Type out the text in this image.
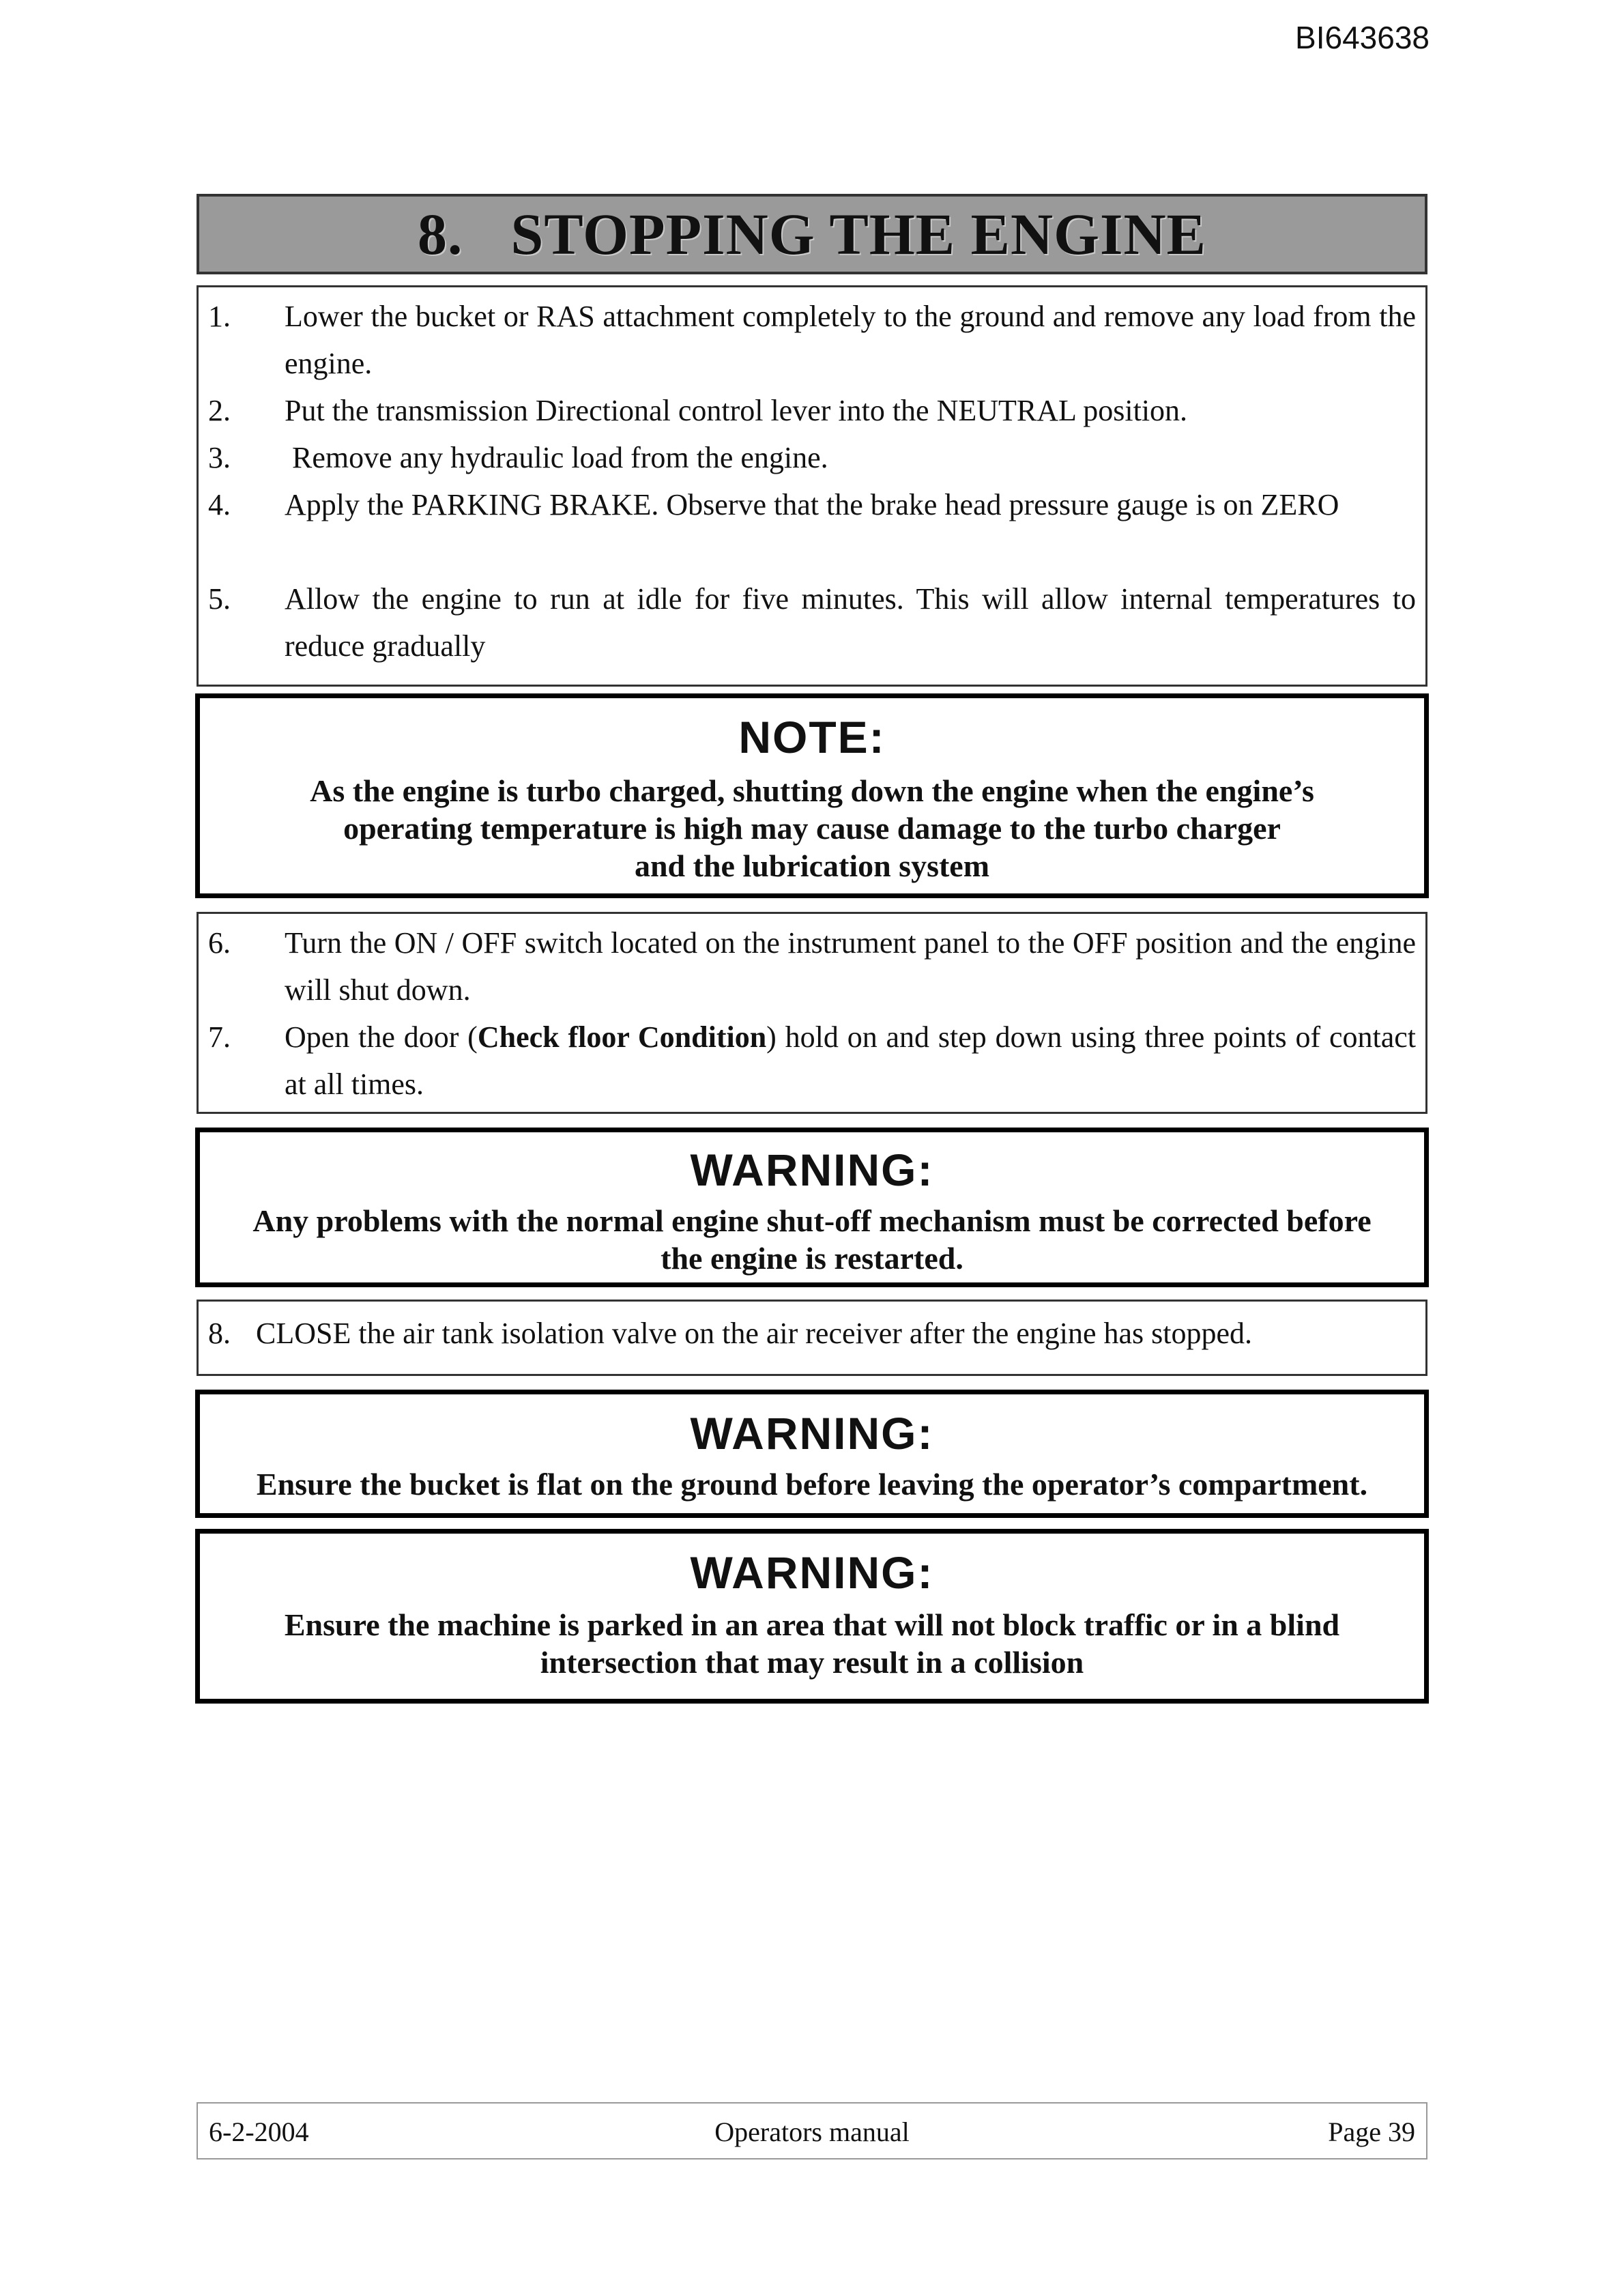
BI643638
8. STOPPING THE ENGINE
1. Lower the bucket or RAS attachment completely to the ground and remove any load from the engine.
2. Put the transmission Directional control lever into the NEUTRAL position.
3. Remove any hydraulic load from the engine.
4. Apply the PARKING BRAKE. Observe that the brake head pressure gauge is on ZERO
5. Allow the engine to run at idle for five minutes. This will allow internal temperatures to reduce gradually
NOTE:
As the engine is turbo charged, shutting down the engine when the engine’s
operating temperature is high may cause damage to the turbo charger
and the lubrication system
6. Turn the ON / OFF switch located on the instrument panel to the OFF position and the engine will shut down.
7. Open the door (Check floor Condition) hold on and step down using three points of contact at all times.
WARNING:
Any problems with the normal engine shut-off mechanism must be corrected before
the engine is restarted.
8. CLOSE the air tank isolation valve on the air receiver after the engine has stopped.
WARNING:
Ensure the bucket is flat on the ground before leaving the operator’s compartment.
WARNING:
Ensure the machine is parked in an area that will not block traffic or in a blind
intersection that may result in a collision
6-2-2004	Operators manual	Page 39
